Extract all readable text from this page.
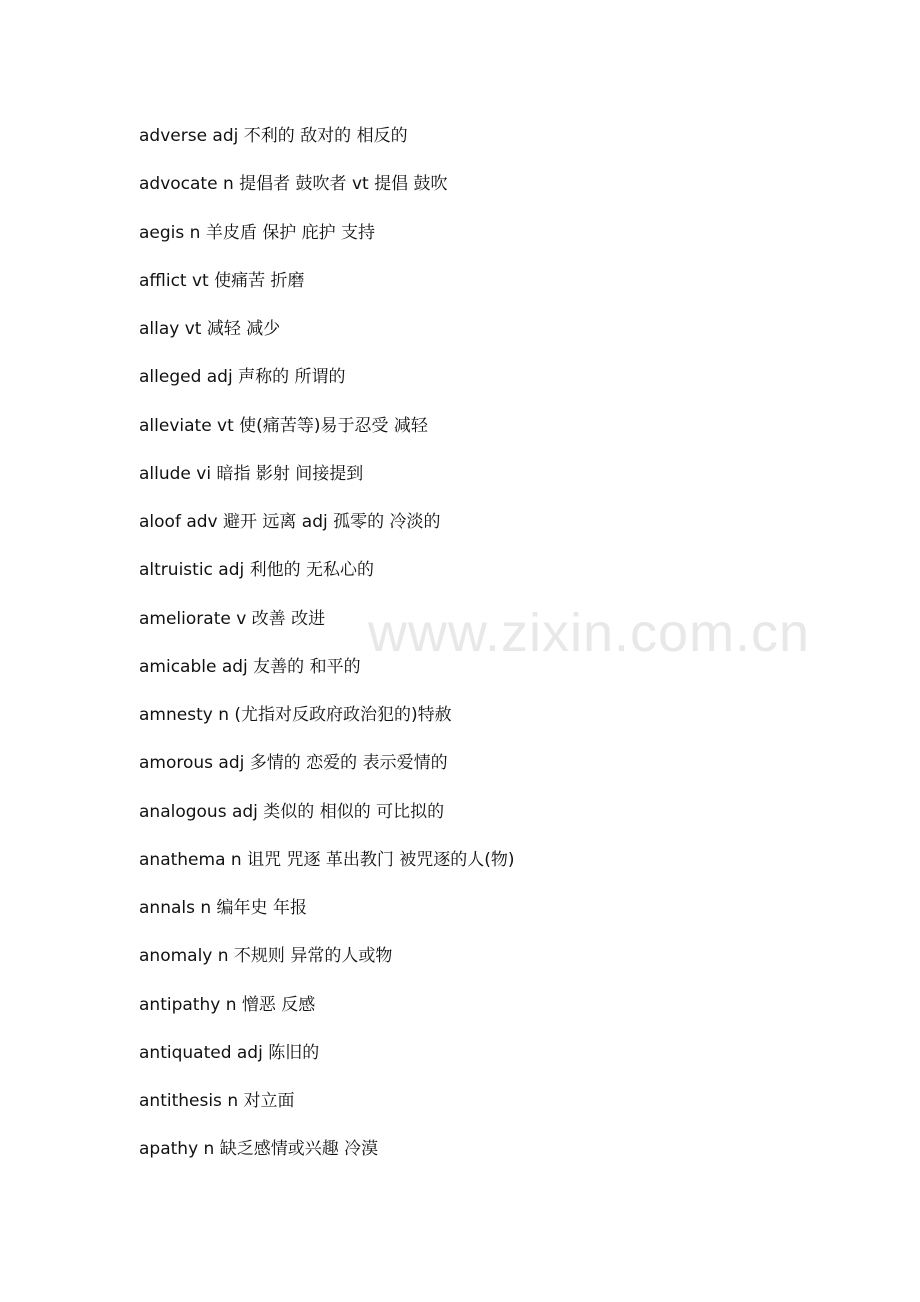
adverse adj 不利的 敌对的 相反的
advocate n 提倡者 鼓吹者 vt 提倡 鼓吹
aegis n 羊皮盾 保护 庇护 支持
afflict vt 使痛苦 折磨
allay vt 减轻 减少
alleged adj 声称的 所谓的
alleviate vt 使(痛苦等)易于忍受 减轻
allude vi 暗指 影射 间接提到
aloof adv 避开 远离 adj 孤零的 冷淡的
altruistic adj 利他的 无私心的
ameliorate v 改善 改进
amicable adj 友善的 和平的
amnesty n (尤指对反政府政治犯的)特赦
amorous adj 多情的 恋爱的 表示爱情的
analogous adj 类似的 相似的 可比拟的
anathema n 诅咒 咒逐 革出教门 被咒逐的人(物)
annals n 编年史 年报
anomaly n 不规则 异常的人或物
antipathy n 憎恶 反感
antiquated adj 陈旧的
antithesis n 对立面
apathy n 缺乏感情或兴趣 冷漠
www.zixin.com.cn
